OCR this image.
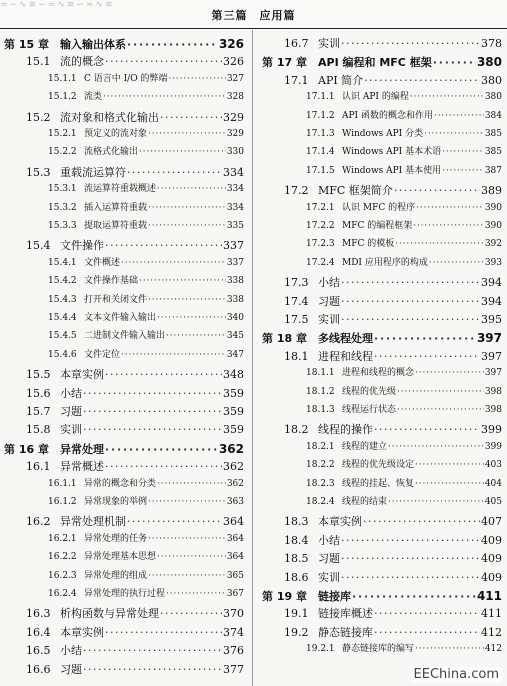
≈∽∿≋∽≈∿≋∽≈∿≋
第三篇　应用篇
第 15 章	输入输出体系 · · ·	326
15.1 流的概念 · · ·	326
15.1.1 C 语言中 I/O 的弊端 · · ·	327
15.1.2 流类 · · ·	328
15.2 流对象和格式化输出 · · ·	329
15.2.1 预定义的流对象 · · ·	329
15.2.2 流格式化输出 · · ·	330
15.3 重载流运算符 · · ·	334
15.3.1 流运算符重载概述 · · ·	334
15.3.2 插入运算符重载 · · ·	334
15.3.3 提取运算符重载 · · ·	335
15.4 文件操作 · · ·	337
15.4.1 文件概述 · · ·	337
15.4.2 文件操作基础 · · ·	338
15.4.3 打开和关闭文件 · · ·	338
15.4.4 文本文件输入输出 · · ·	340
15.4.5 二进制文件输入输出 · · ·	345
15.4.6 文件定位 · · ·	347
15.5 本章实例 · · ·	348
15.6 小结 · · ·	359
15.7 习题 · · ·	359
15.8 实训 · · ·	359
第 16 章	异常处理 · · ·	362
16.1 异常概述 · · ·	362
16.1.1 异常的概念和分类 · · ·	362
16.1.2 异常现象的举例 · · ·	363
16.2 异常处理机制 · · ·	364
16.2.1 异常处理的任务 · · ·	364
16.2.2 异常处理基本思想 · · ·	364
16.2.3 异常处理的组成 · · ·	365
16.2.4 异常处理的执行过程 · · ·	367
16.3 析构函数与异常处理 · · ·	370
16.4 本章实例 · · ·	374
16.5 小结 · · ·	376
16.6 习题 · · ·	377
16.7 实训 · · ·	378
第 17 章	API 编程和 MFC 框架 · · ·	380
17.1 API 简介 · · ·	380
17.1.1 认识 API 的编程 · · ·	380
17.1.2 API 函数的概念和作用 · · ·	384
17.1.3 Windows API 分类 · · ·	385
17.1.4 Windows API 基本术语 · · ·	385
17.1.5 Windows API 基本使用 · · ·	387
17.2 MFC 框架简介 · · ·	389
17.2.1 认识 MFC 的程序 · · ·	390
17.2.2 MFC 的编程框架 · · ·	390
17.2.3 MFC 的模板 · · ·	392
17.2.4 MDI 应用程序的构成 · · ·	393
17.3 小结 · · ·	394
17.4 习题 · · ·	394
17.5 实训 · · ·	395
第 18 章	多线程处理 · · ·	397
18.1 进程和线程 · · ·	397
18.1.1 进程和线程的概念 · · ·	397
18.1.2 线程的优先级 · · ·	398
18.1.3 线程运行状态 · · ·	398
18.2 线程的操作 · · ·	399
18.2.1 线程的建立 · · ·	399
18.2.2 线程的优先级设定 · · ·	403
18.2.3 线程的挂起、恢复 · · ·	404
18.2.4 线程的结束 · · ·	405
18.3 本章实例 · · ·	407
18.4 小结 · · ·	409
18.5 习题 · · ·	409
18.6 实训 · · ·	409
第 19 章	链接库 · · ·	411
19.1 链接库概述 · · ·	411
19.2 静态链接库 · · ·	412
19.2.1 静态链接库的编写 · · ·	412
EEChina.com
